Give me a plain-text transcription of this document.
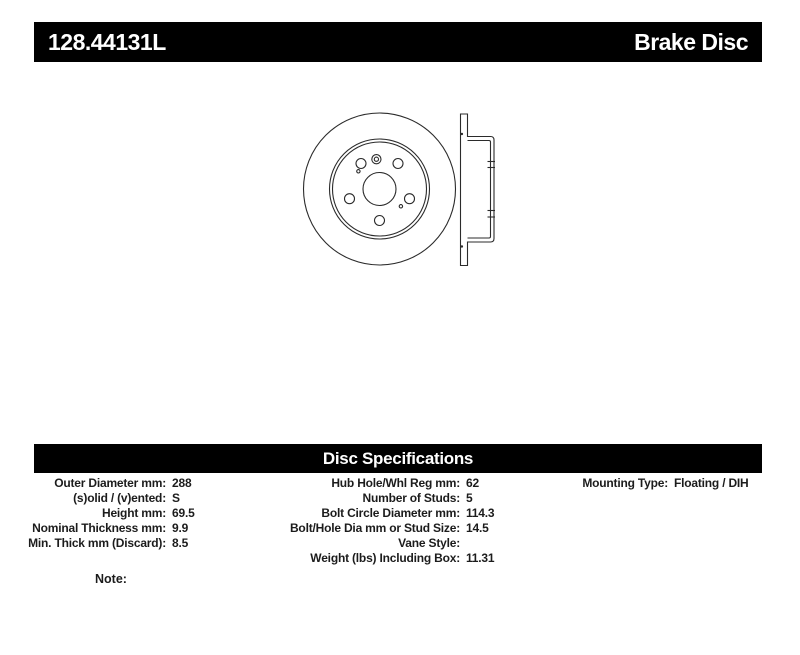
128.44131L	Brake Disc
Disc Specifications
Outer Diameter mm:
(s)olid / (v)ented:
Height mm:
Nominal Thickness mm:
Min. Thick mm (Discard):
288
S
69.5
9.9
8.5
Hub Hole/Whl Reg mm:
Number of Studs:
Bolt Circle Diameter mm:
Bolt/Hole Dia mm or Stud Size:
Vane Style:
Weight (lbs) Including Box:
62
5
114.3
14.5
11.31
Mounting Type: Floating / DIH
Note:
